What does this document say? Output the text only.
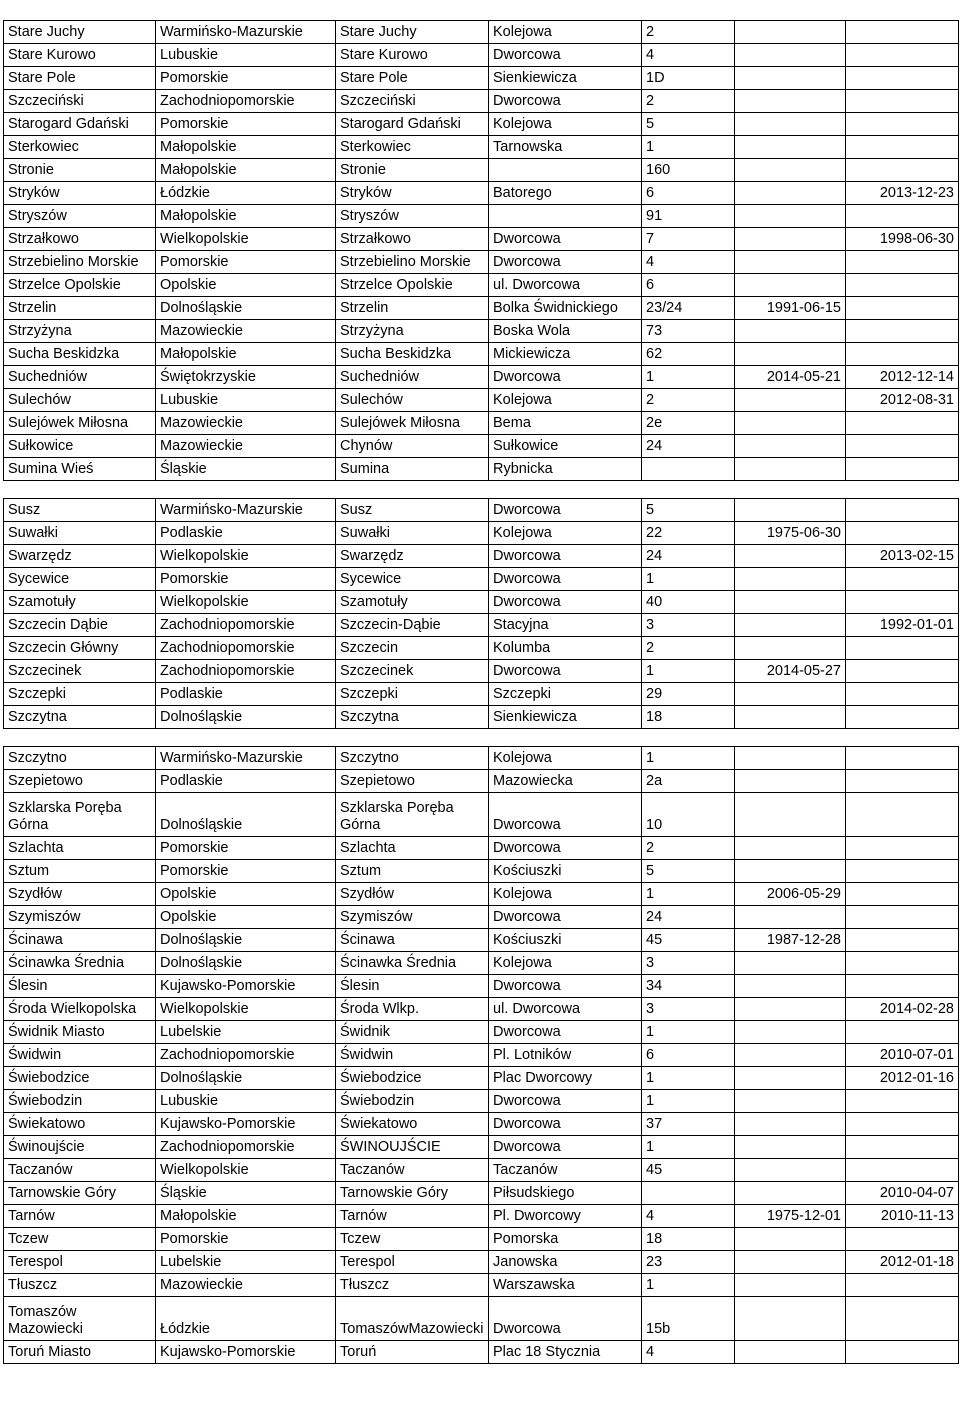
Stare Juchy	Warmińsko-Mazurskie	Stare Juchy	Kolejowa	2		
Stare Kurowo	Lubuskie	Stare Kurowo	Dworcowa	4		
Stare Pole	Pomorskie	Stare Pole	Sienkiewicza	1D		
Szczeciński	Zachodniopomorskie	Szczeciński	Dworcowa	2		
Starogard Gdański	Pomorskie	Starogard Gdański	Kolejowa	5		
Sterkowiec	Małopolskie	Sterkowiec	Tarnowska	1		
Stronie	Małopolskie	Stronie		160		
Stryków	Łódzkie	Stryków	Batorego	6		2013-12-23
Stryszów	Małopolskie	Stryszów		91		
Strzałkowo	Wielkopolskie	Strzałkowo	Dworcowa	7		1998-06-30
Strzebielino Morskie	Pomorskie	Strzebielino Morskie	Dworcowa	4		
Strzelce Opolskie	Opolskie	Strzelce Opolskie	ul. Dworcowa	6		
Strzelin	Dolnośląskie	Strzelin	Bolka Świdnickiego	23/24	1991-06-15	
Strzyżyna	Mazowieckie	Strzyżyna	Boska Wola	73		
Sucha Beskidzka	Małopolskie	Sucha Beskidzka	Mickiewicza	62		
Suchedniów	Świętokrzyskie	Suchedniów	Dworcowa	1	2014-05-21	2012-12-14
Sulechów	Lubuskie	Sulechów	Kolejowa	2		2012-08-31
Sulejówek Miłosna	Mazowieckie	Sulejówek Miłosna	Bema	2e		
Sułkowice	Mazowieckie	Chynów	Sułkowice	24		
Sumina Wieś	Śląskie	Sumina	Rybnicka			

Susz	Warmińsko-Mazurskie	Susz	Dworcowa	5		
Suwałki	Podlaskie	Suwałki	Kolejowa	22	1975-06-30	
Swarzędz	Wielkopolskie	Swarzędz	Dworcowa	24		2013-02-15
Sycewice	Pomorskie	Sycewice	Dworcowa	1		
Szamotuły	Wielkopolskie	Szamotuły	Dworcowa	40		
Szczecin Dąbie	Zachodniopomorskie	Szczecin-Dąbie	Stacyjna	3		1992-01-01
Szczecin Główny	Zachodniopomorskie	Szczecin	Kolumba	2		
Szczecinek	Zachodniopomorskie	Szczecinek	Dworcowa	1	2014-05-27	
Szczepki	Podlaskie	Szczepki	Szczepki	29		
Szczytna	Dolnośląskie	Szczytna	Sienkiewicza	18		

Szczytno	Warmińsko-Mazurskie	Szczytno	Kolejowa	1		
Szepietowo	Podlaskie	Szepietowo	Mazowiecka	2a		
Szklarska Poręba Górna	Dolnośląskie	Szklarska Poręba Górna	Dworcowa	10		
Szlachta	Pomorskie	Szlachta	Dworcowa	2		
Sztum	Pomorskie	Sztum	Kościuszki	5		
Szydłów	Opolskie	Szydłów	Kolejowa	1	2006-05-29	
Szymiszów	Opolskie	Szymiszów	Dworcowa	24		
Ścinawa	Dolnośląskie	Ścinawa	Kościuszki	45	1987-12-28	
Ścinawka Średnia	Dolnośląskie	Ścinawka Średnia	Kolejowa	3		
Ślesin	Kujawsko-Pomorskie	Ślesin	Dworcowa	34		
Środa Wielkopolska	Wielkopolskie	Środa Wlkp.	ul. Dworcowa	3		2014-02-28
Świdnik Miasto	Lubelskie	Świdnik	Dworcowa	1		
Świdwin	Zachodniopomorskie	Świdwin	Pl. Lotników	6		2010-07-01
Świebodzice	Dolnośląskie	Świebodzice	Plac Dworcowy	1		2012-01-16
Świebodzin	Lubuskie	Świebodzin	Dworcowa	1		
Świekatowo	Kujawsko-Pomorskie	Świekatowo	Dworcowa	37		
Świnoujście	Zachodniopomorskie	ŚWINOUJŚCIE	Dworcowa	1		
Taczanów	Wielkopolskie	Taczanów	Taczanów	45		
Tarnowskie Góry	Śląskie	Tarnowskie Góry	Piłsudskiego			2010-04-07
Tarnów	Małopolskie	Tarnów	Pl. Dworcowy	4	1975-12-01	2010-11-13
Tczew	Pomorskie	Tczew	Pomorska	18		
Terespol	Lubelskie	Terespol	Janowska	23		2012-01-18
Tłuszcz	Mazowieckie	Tłuszcz	Warszawska	1		
Tomaszów Mazowiecki	Łódzkie	TomaszówMazowiecki	Dworcowa	15b		
Toruń Miasto	Kujawsko-Pomorskie	Toruń	Plac 18 Stycznia	4		
